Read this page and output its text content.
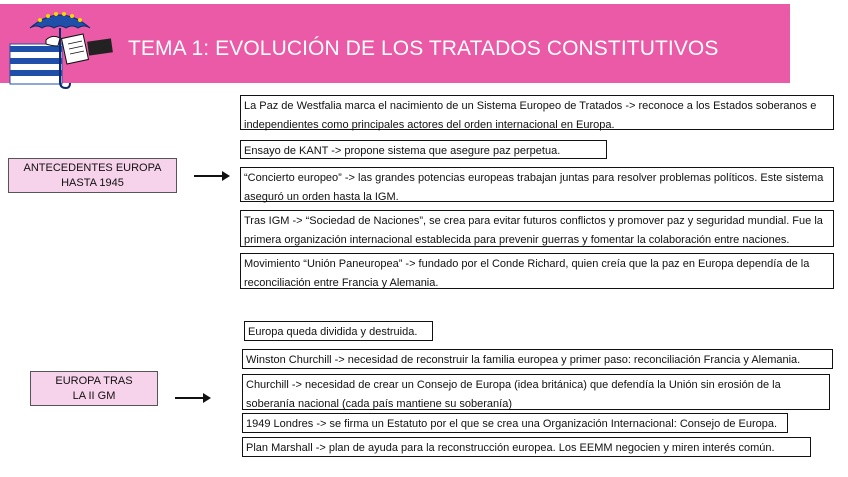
TEMA 1: EVOLUCIÓN DE LOS TRATADOS CONSTITUTIVOS
ANTECEDENTES EUROPA
HASTA 1945
La Paz de Westfalia marca el nacimiento de un Sistema Europeo de Tratados -> reconoce a los Estados soberanos e independientes como principales actores del orden internacional en Europa.
Ensayo de KANT -> propone sistema que asegure paz perpetua.
“Concierto europeo” -> las grandes potencias europeas trabajan juntas para resolver problemas políticos. Este sistema aseguró un orden hasta la IGM.
Tras IGM -> “Sociedad de Naciones”, se crea para evitar futuros conflictos y promover paz y seguridad mundial. Fue la primera organización internacional establecida para prevenir guerras y fomentar la colaboración entre naciones.
Movimiento “Unión Paneuropea” -> fundado por el Conde Richard, quien creía que la paz en Europa dependía de la reconciliación entre Francia y Alemania.
EUROPA TRAS
LA II GM
Europa queda dividida y destruida.
Winston Churchill -> necesidad de reconstruir la familia europea y primer paso: reconciliación Francia y Alemania.
Churchill -> necesidad de crear un Consejo de Europa (idea británica) que defendía la Unión sin erosión de la soberanía nacional (cada país mantiene su soberanía)
1949 Londres -> se firma un Estatuto por el que se crea una Organización Internacional: Consejo de Europa.
Plan Marshall -> plan de ayuda para la reconstrucción europea. Los EEMM negocien y miren interés común.
